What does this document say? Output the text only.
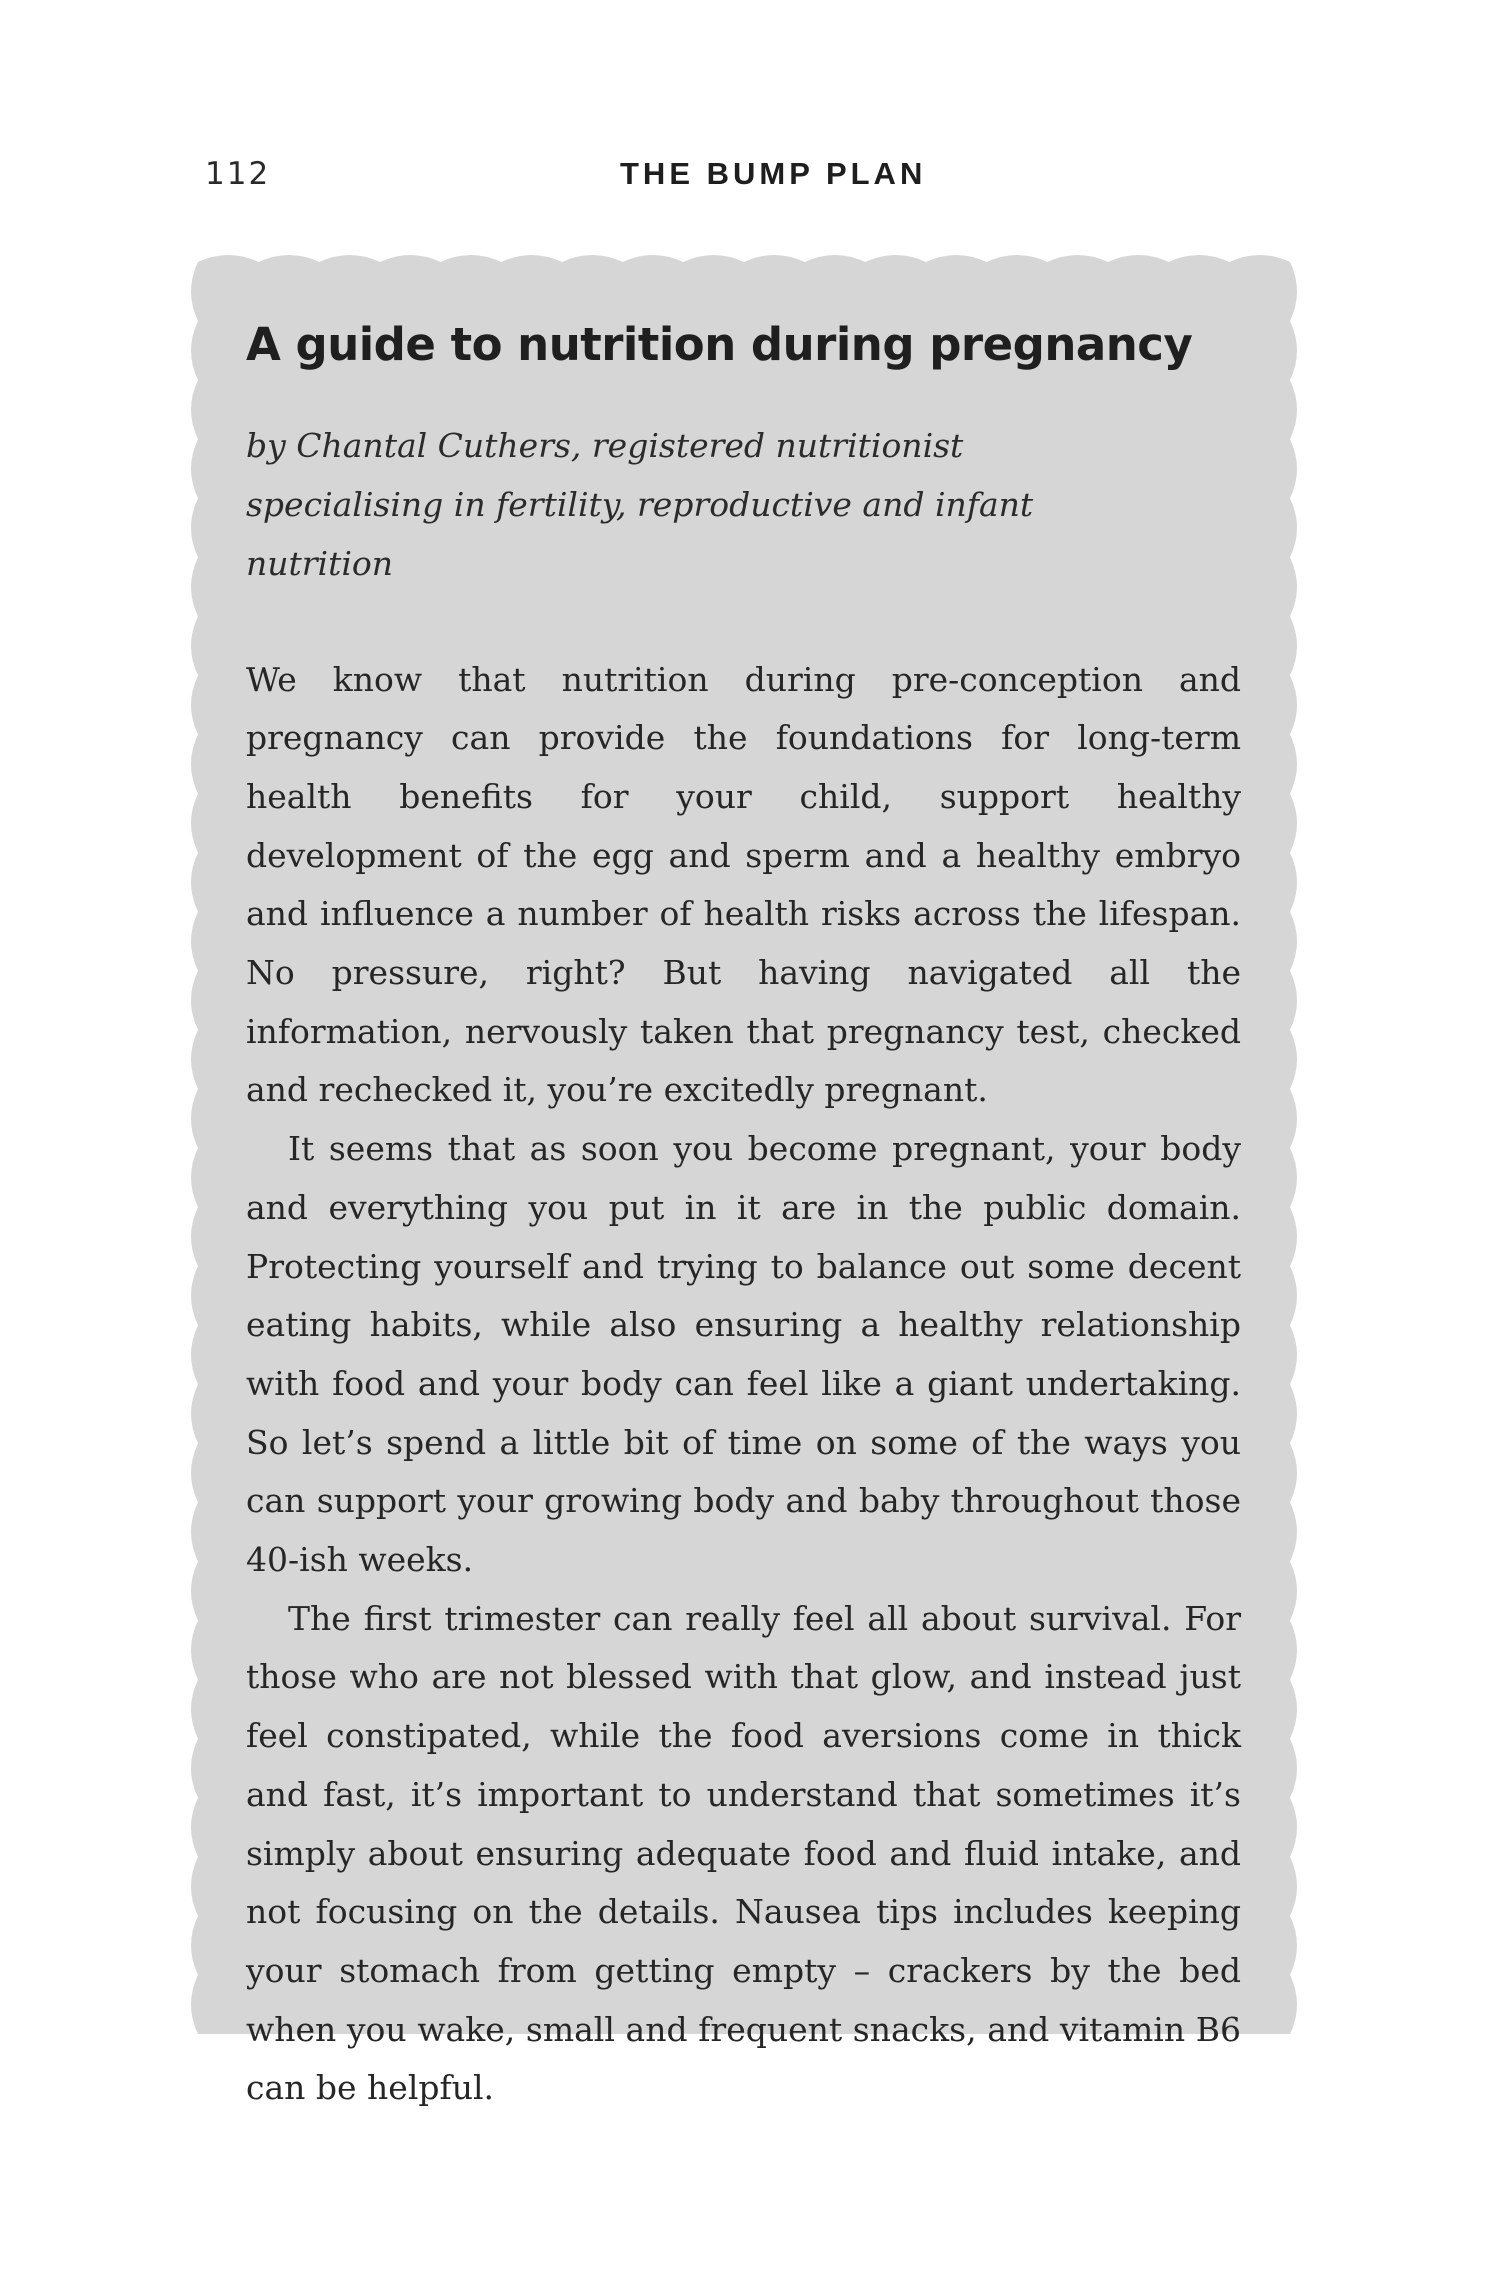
112	THE BUMP PLAN
A guide to nutrition during pregnancy

by Chantal Cuthers, registered nutritionist specialising in fertility, reproductive and infant nutrition

We know that nutrition during pre-conception and pregnancy can provide the foundations for long-term health benefits for your child, support healthy development of the egg and sperm and a healthy embryo and influence a number of health risks across the lifespan. No pressure, right? But having navigated all the information, nervously taken that pregnancy test, checked and rechecked it, you’re excitedly pregnant.

It seems that as soon you become pregnant, your body and everything you put in it are in the public domain. Protecting yourself and trying to balance out some decent eating habits, while also ensuring a healthy relationship with food and your body can feel like a giant undertaking. So let’s spend a little bit of time on some of the ways you can support your growing body and baby throughout those 40-ish weeks.

The first trimester can really feel all about survival. For those who are not blessed with that glow, and instead just feel constipated, while the food aversions come in thick and fast, it’s important to understand that sometimes it’s simply about ensuring adequate food and fluid intake, and not focusing on the details. Nausea tips includes keeping your stomach from getting empty – crackers by the bed when you wake, small and frequent snacks, and vitamin B6 can be helpful.
